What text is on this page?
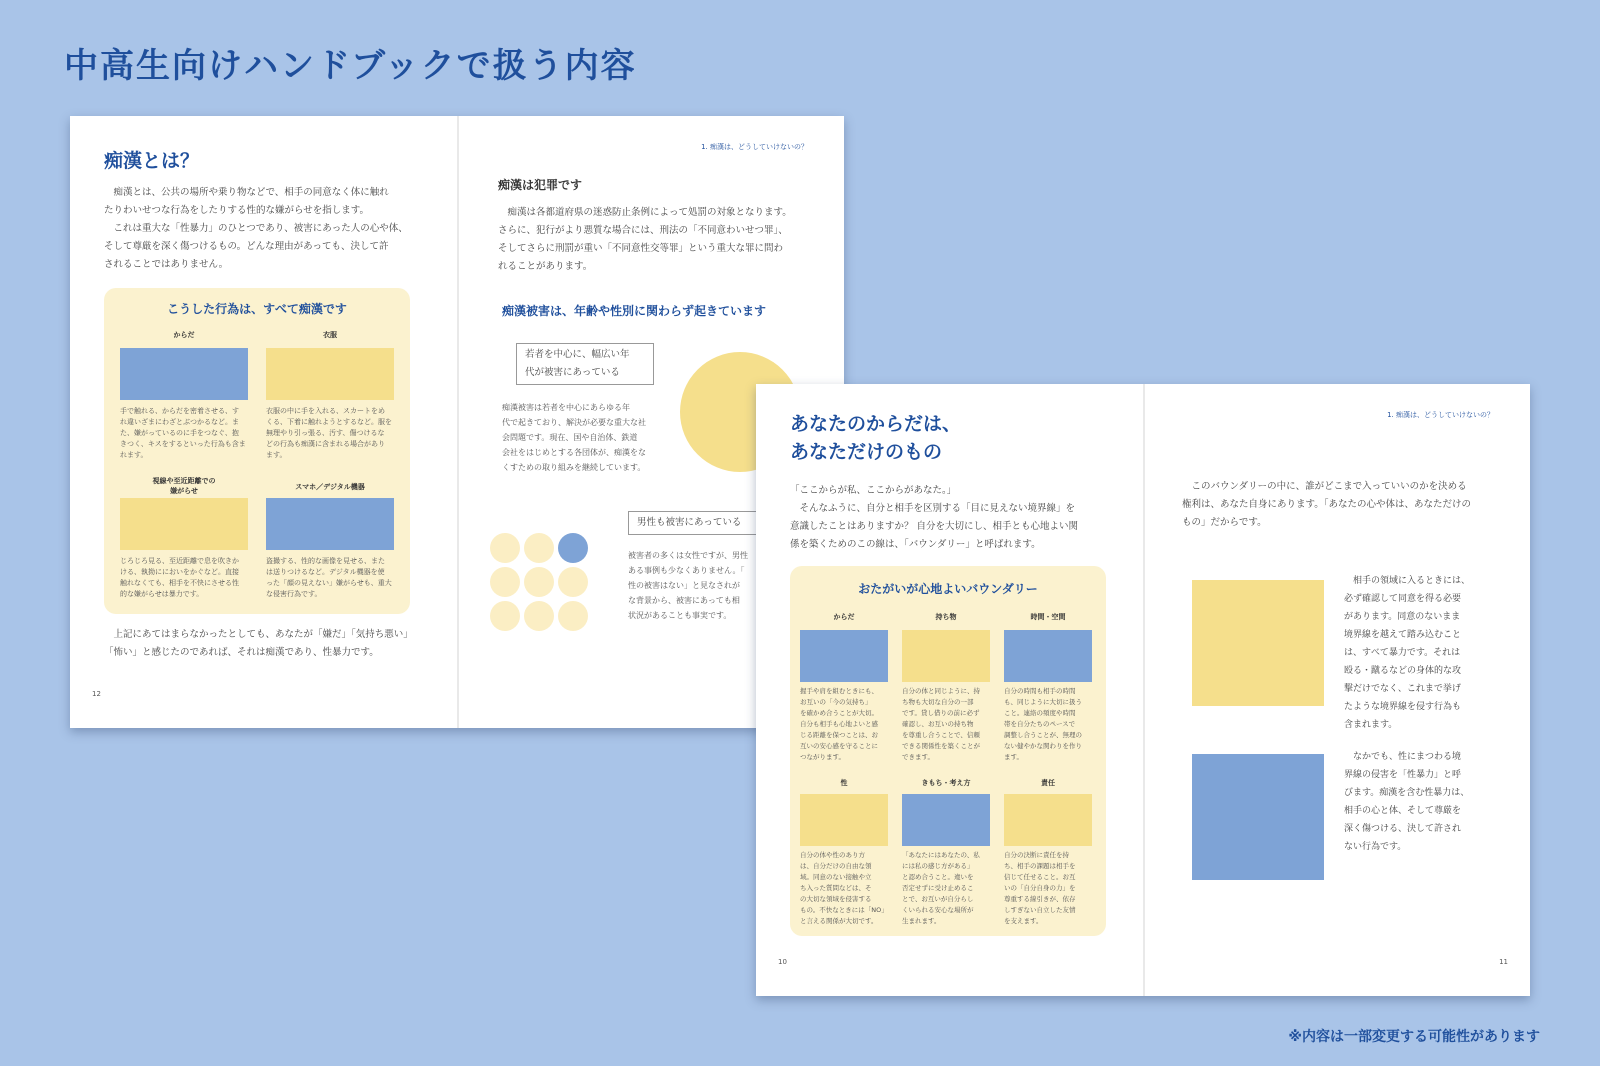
中高生向けハンドブックで扱う内容
痴漢とは？
　痴漢とは、公共の場所や乗り物などで、相手の同意なく体に触れ
たりわいせつな行為をしたりする性的な嫌がらせを指します。
　これは重大な「性暴力」のひとつであり、被害にあった人の心や体、
そして尊厳を深く傷つけるもの。どんな理由があっても、決して許
されることではありません。
こうした行為は、すべて痴漢です
からだ
手で触れる、からだを密着させる、す
れ違いざまにわざとぶつかるなど。ま
た、嫌がっているのに手をつなぐ、抱
きつく、キスをするといった行為も含ま
れます。
衣服
衣服の中に手を入れる、スカートをめ
くる、下着に触れようとするなど。服を
無理やり引っ張る、汚す、傷つけるな
どの行為も痴漢に含まれる場合があり
ます。
視線や至近距離での
嫌がらせ
じろじろ見る、至近距離で息を吹きか
ける、執拗ににおいをかぐなど。直接
触れなくても、相手を不快にさせる性
的な嫌がらせは暴力です。
スマホ／デジタル機器
盗撮する、性的な画像を見せる、また
は送りつけるなど。デジタル機器を使
った「顔の見えない」嫌がらせも、重大
な侵害行為です。
　上記にあてはまらなかったとしても、あなたが「嫌だ」「気持ち悪い」
「怖い」と感じたのであれば、それは痴漢であり、性暴力です。
12
1. 痴漢は、どうしていけないの？
痴漢は犯罪です
　痴漢は各都道府県の迷惑防止条例によって処罰の対象となります。
さらに、犯行がより悪質な場合には、刑法の「不同意わいせつ罪」、
そしてさらに刑罰が重い「不同意性交等罪」という重大な罪に問わ
れることがあります。
痴漢被害は、年齢や性別に関わらず起きています
若者を中心に、幅広い年
代が被害にあっている
痴漢被害は若者を中心にあらゆる年
代で起きており、解決が必要な重大な社
会問題です。現在、国や自治体、鉄道
会社をはじめとする各団体が、痴漢をな
くすための取り組みを継続しています。
男性も被害にあっている
被害者の多くは女性ですが、男性
ある事例も少なくありません。「
性の被害はない」と見なされが
な背景から、被害にあっても相
状況があることも事実です。
あなたのからだは、
あなただけのもの
「ここからが私、ここからがあなた。」
　そんなふうに、自分と相手を区別する「目に見えない境界線」を
意識したことはありますか？ 自分を大切にし、相手とも心地よい関
係を築くためのこの線は、「バウンダリー」と呼ばれます。
おたがいが心地よいバウンダリー
からだ
握手や肩を組むときにも、
お互いの「今の気持ち」
を確かめ合うことが大切。
自分も相手も心地よいと感
じる距離を保つことは、お
互いの安心感を守ることに
つながります。
持ち物
自分の体と同じように、持
ち物も大切な自分の一部
です。貸し借りの前に必ず
確認し、お互いの持ち物
を尊重し合うことで、信頼
できる関係性を築くことが
できます。
時間・空間
自分の時間も相手の時間
も、同じように大切に扱う
こと。連絡の頻度や時間
帯を自分たちのペースで
調整し合うことが、無理の
ない健やかな関わりを作り
ます。
性
自分の体や性のあり方
は、自分だけの自由な領
域。同意のない接触や立
ち入った質問などは、そ
の大切な領域を侵害する
もの。不快なときには「NO」
と言える関係が大切です。
きもち・考え方
「あなたにはあなたの、私
には私の感じ方がある」
と認め合うこと。違いを
否定せずに受け止めるこ
とで、お互いが自分らし
くいられる安心な場所が
生まれます。
責任
自分の決断に責任を持
ち、相手の課題は相手を
信じて任せること。お互
いの「自分自身の力」を
尊重する線引きが、依存
しすぎない自立した友情
を支えます。
10
1. 痴漢は、どうしていけないの？
　このバウンダリーの中に、誰がどこまで入っていいのかを決める
権利は、あなた自身にあります。「あなたの心や体は、あなただけの
もの」だからです。
　相手の領域に入るときには、
必ず確認して同意を得る必要
があります。同意のないまま
境界線を越えて踏み込むこと
は、すべて暴力です。それは
殴る・蹴るなどの身体的な攻
撃だけでなく、これまで挙げ
たような境界線を侵す行為も
含まれます。
　なかでも、性にまつわる境
界線の侵害を「性暴力」と呼
びます。痴漢を含む性暴力は、
相手の心と体、そして尊厳を
深く傷つける、決して許され
ない行為です。
11
※内容は一部変更する可能性があります
